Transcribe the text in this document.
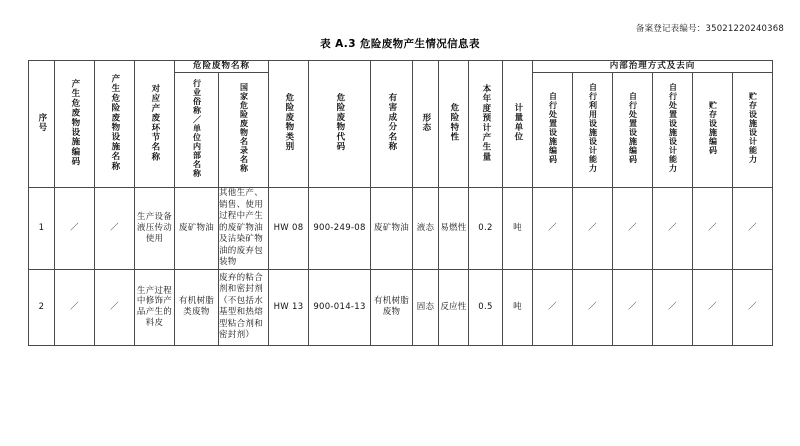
备案登记表编号：35021220240368
表 A.3 危险废物产生情况信息表
序号	产生危废物设施编码	产生危险废物设施名称	对应产废环节名称	危险废物名称		危险废物类别	危险废物代码	有害成分名称	形态	危险特性	本年度预计产生量	计量单位	内部治理方式及去向					
				行业俗称／单位内部名称	国家危险废物名录名称								自行处置设施编码	自行利用设施设计能力	自行处置设施编码	自行处置设施设计能力	贮存设施编码	贮存设施设计能力

1	／	／	生产设备液压传动使用	废矿物油	其他生产、销售、使用过程中产生的废矿物油及沾染矿物油的废弃包装物	HW 08	900-249-08	废矿物油	液态	易燃性	0.2	吨	／	／	／	／	／	／
2	／	／	生产过程中修饰产品产生的料皮	有机树脂类废物	废弃的粘合剂和密封剂（不包括水基型和热熔型粘合剂和密封剂）	HW 13	900-014-13	有机树脂废物	固态	反应性	0.5	吨	／	／	／	／	／	／
